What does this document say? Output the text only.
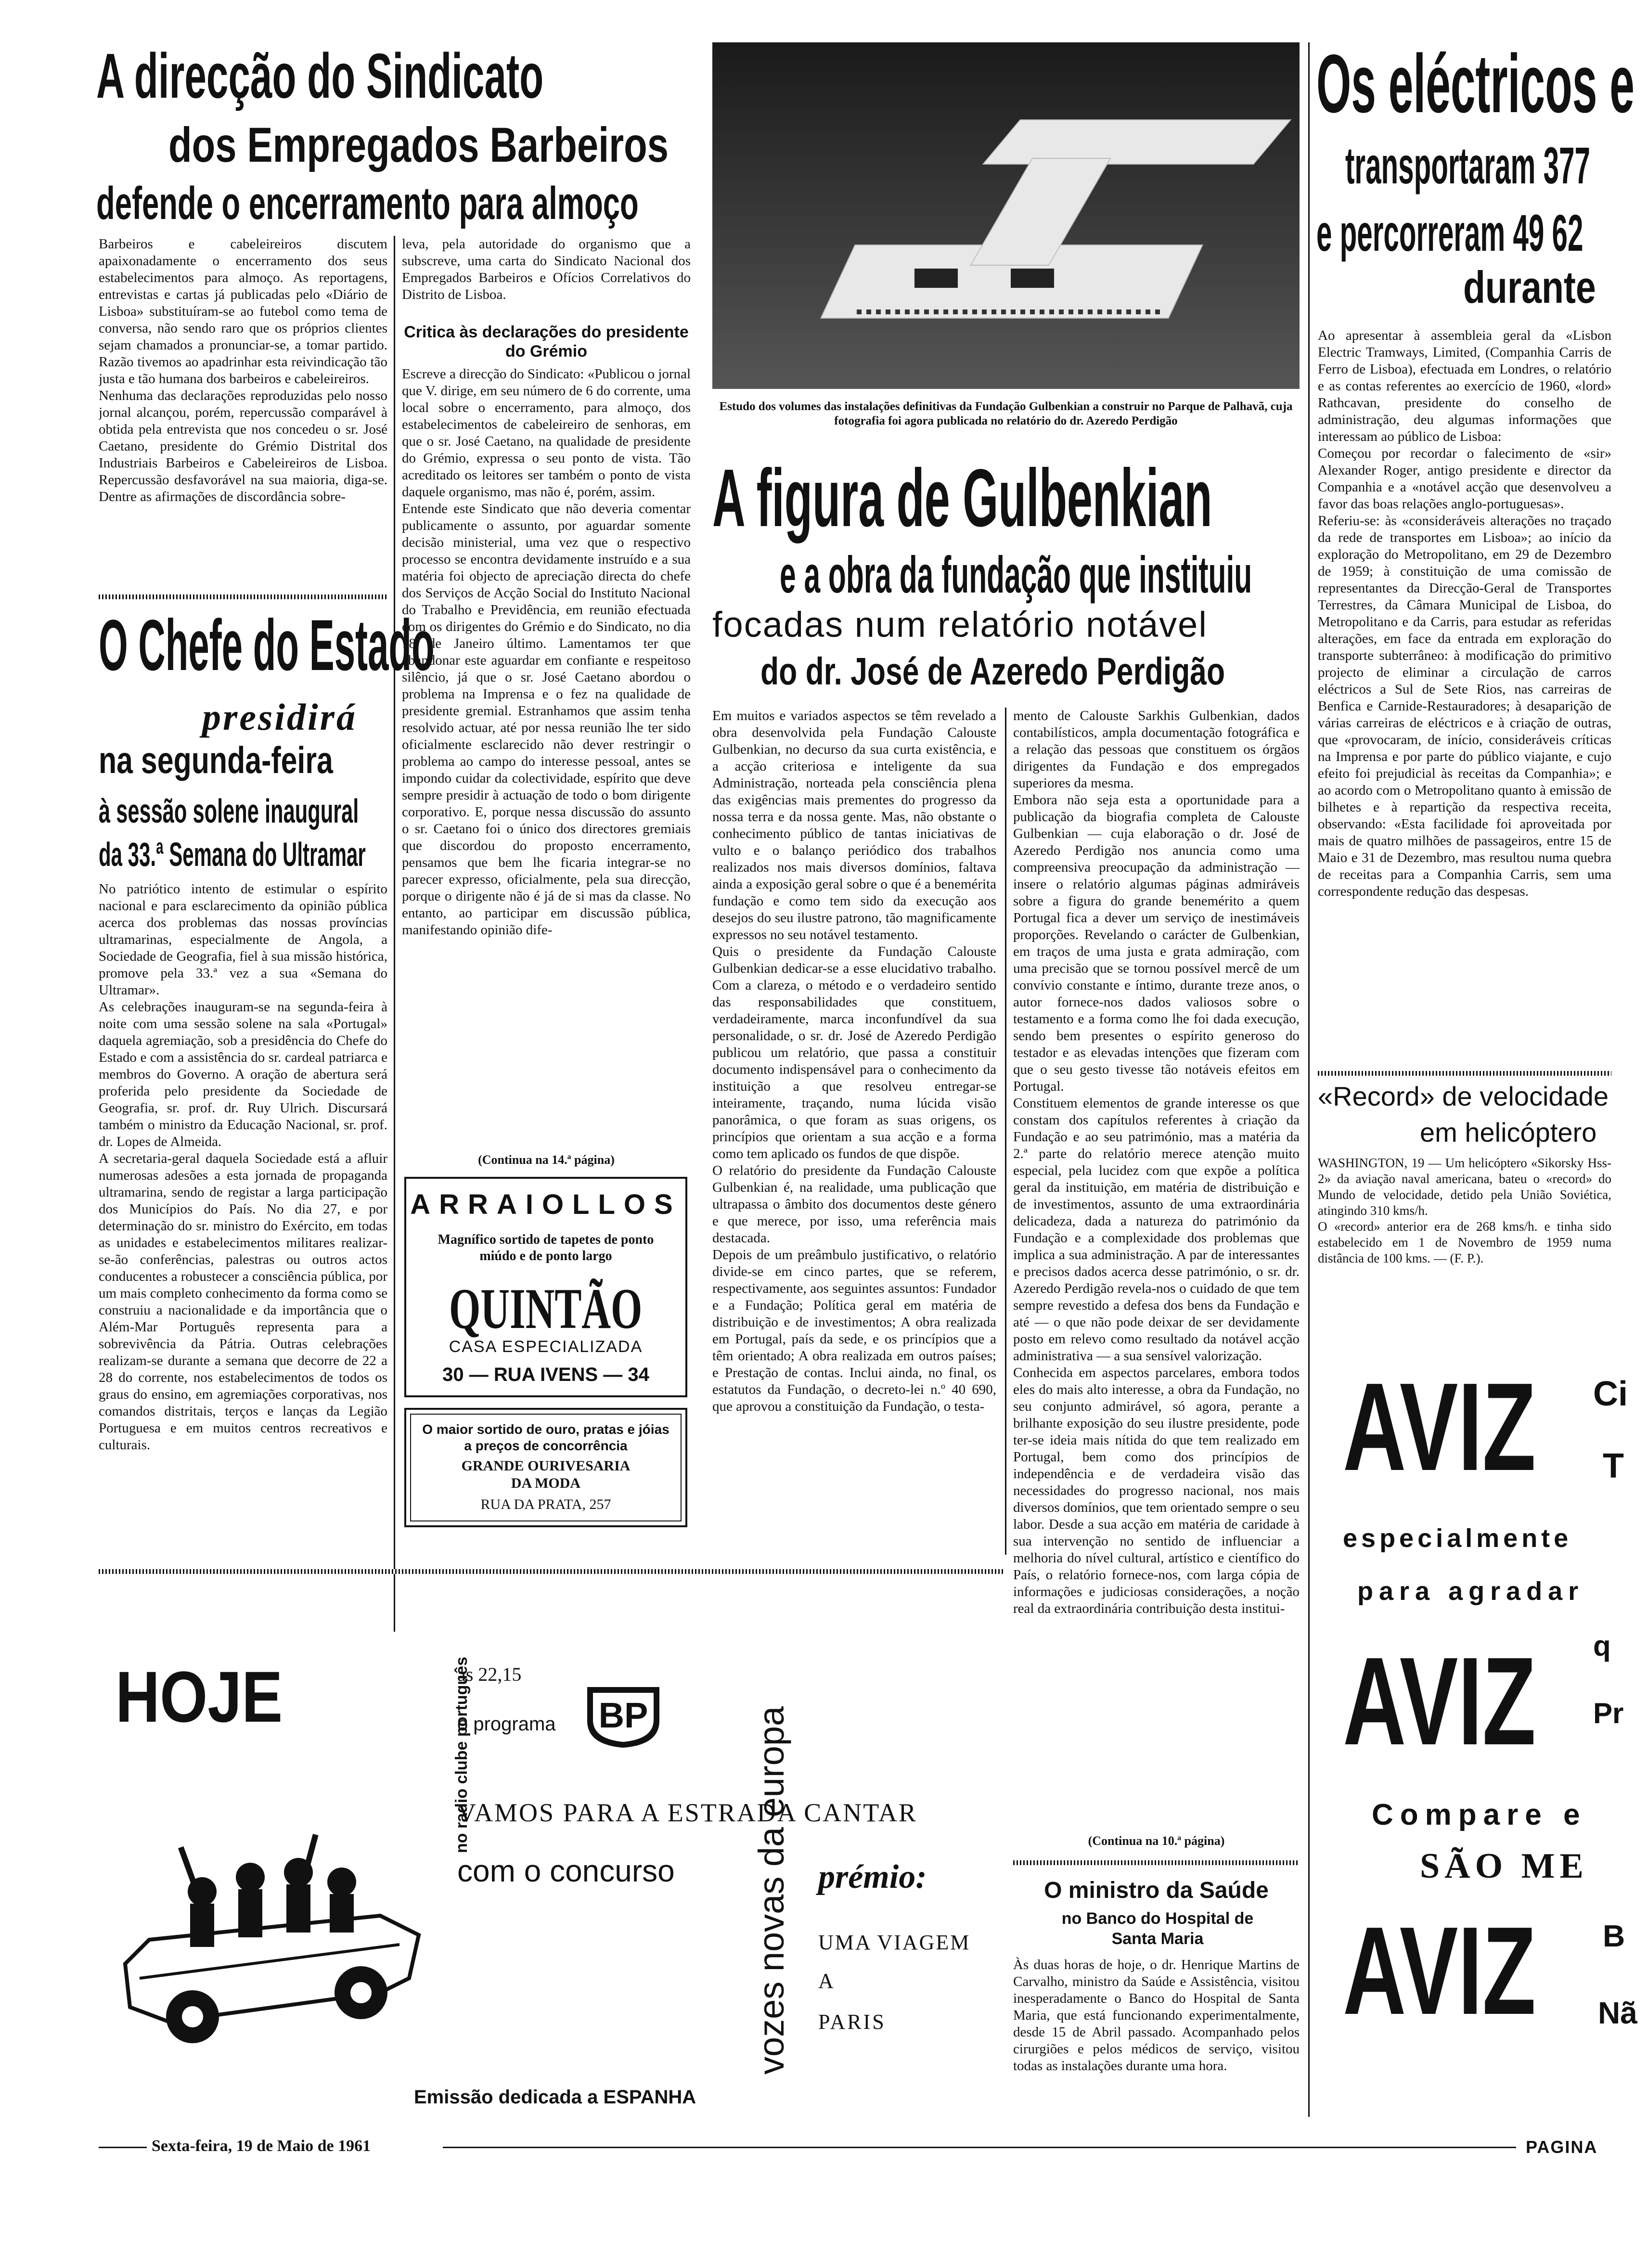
A direcção do Sindicato
dos Empregados Barbeiros
defende o encerramento para almoço
Barbeiros e cabeleireiros discutem apaixonadamente o encerramento dos seus estabelecimentos para almoço. As reportagens, entrevistas e cartas já publicadas pelo «Diário de Lisboa» substituíram-se ao futebol como tema de conversa, não sendo raro que os próprios clientes sejam chamados a pronunciar-se, a tomar partido. Razão tivemos ao apadrinhar esta reivindicação tão justa e tão humana dos barbeiros e cabeleireiros.
Nenhuma das declarações reproduzidas pelo nosso jornal alcançou, porém, repercussão comparável à obtida pela entrevista que nos concedeu o sr. José Caetano, presidente do Grémio Distrital dos Industriais Barbeiros e Cabeleireiros de Lisboa. Repercussão desfavorável na sua maioria, diga-se. Dentre as afirmações de discordância sobre-
leva, pela autoridade do organismo que a subscreve, uma carta do Sindicato Nacional dos Empregados Barbeiros e Ofícios Correlativos do Distrito de Lisboa.
Critica às declarações do presidente do Grémio
Escreve a direcção do Sindicato: «Publicou o jornal que V. dirige, em seu número de 6 do corrente, uma local sobre o encerramento, para almoço, dos estabelecimentos de cabeleireiro de senhoras, em que o sr. José Caetano, na qualidade de presidente do Grémio, expressa o seu ponto de vista. Tão acreditado os leitores ser também o ponto de vista daquele organismo, mas não é, porém, assim.
Entende este Sindicato que não deveria comentar publicamente o assunto, por aguardar somente decisão ministerial, uma vez que o respectivo processo se encontra devidamente instruído e a sua matéria foi objecto de apreciação directa do chefe dos Serviços de Acção Social do Instituto Nacional do Trabalho e Previdência, em reunião efectuada com os dirigentes do Grémio e do Sindicato, no dia 18 de Janeiro último. Lamentamos ter que abandonar este aguardar em confiante e respeitoso silêncio, já que o sr. José Caetano abordou o problema na Imprensa e o fez na qualidade de presidente gremial. Estranhamos que assim tenha resolvido actuar, até por nessa reunião lhe ter sido oficialmente esclarecido não dever restringir o problema ao campo do interesse pessoal, antes se impondo cuidar da colectividade, espírito que deve sempre presidir à actuação de todo o bom dirigente corporativo. E, porque nessa discussão do assunto o sr. Caetano foi o único dos directores gremiais que discordou do proposto encerramento, pensamos que bem lhe ficaria integrar-se no parecer expresso, oficialmente, pela sua direcção, porque o dirigente não é já de si mas da classe. No entanto, ao participar em discussão pública, manifestando opinião dife-
(Continua na 14.ª página)
O Chefe do Estado
presidirá
na segunda-feira
à sessão solene inaugural
da 33.ª Semana do Ultramar
No patriótico intento de estimular o espírito nacional e para esclarecimento da opinião pública acerca dos problemas das nossas províncias ultramarinas, especialmente de Angola, a Sociedade de Geografia, fiel à sua missão histórica, promove pela 33.ª vez a sua «Semana do Ultramar».
As celebrações inauguram-se na segunda-feira à noite com uma sessão solene na sala «Portugal» daquela agremiação, sob a presidência do Chefe do Estado e com a assistência do sr. cardeal patriarca e membros do Governo. A oração de abertura será proferida pelo presidente da Sociedade de Geografia, sr. prof. dr. Ruy Ulrich. Discursará também o ministro da Educação Nacional, sr. prof. dr. Lopes de Almeida.
A secretaria-geral daquela Sociedade está a afluir numerosas adesões a esta jornada de propaganda ultramarina, sendo de registar a larga participação dos Municípios do País. No dia 27, e por determinação do sr. ministro do Exército, em todas as unidades e estabelecimentos militares realizar-se-ão conferências, palestras ou outros actos conducentes a robustecer a consciência pública, por um mais completo conhecimento da forma como se construiu a nacionalidade e da importância que o Além-Mar Português representa para a sobrevivência da Pátria. Outras celebrações realizam-se durante a semana que decorre de 22 a 28 do corrente, nos estabelecimentos de todos os graus do ensino, em agremiações corporativas, nos comandos distritais, terços e lanças da Legião Portuguesa e em muitos centros recreativos e culturais.
ARRAIOLLOS
Magnífico sortido de tapetes de ponto miúdo e de ponto largo
QUINTÃO
CASA ESPECIALIZADA
30 — RUA IVENS — 34
O maior sortido de ouro, pratas e jóias a preços de concorrência
GRANDE OURIVESARIA
DA MODA
RUA DA PRATA, 257
Estudo dos volumes das instalações definitivas da Fundação Gulbenkian a construir no Parque de Palhavã, cuja fotografia foi agora publicada no relatório do dr. Azeredo Perdigão
A figura de Gulbenkian
e a obra da fundação que instituiu
focadas num relatório notável
do dr. José de Azeredo Perdigão
Em muitos e variados aspectos se têm revelado a obra desenvolvida pela Fundação Calouste Gulbenkian, no decurso da sua curta existência, e a acção criteriosa e inteligente da sua Administração, norteada pela consciência plena das exigências mais prementes do progresso da nossa terra e da nossa gente. Mas, não obstante o conhecimento público de tantas iniciativas de vulto e o balanço periódico dos trabalhos realizados nos mais diversos domínios, faltava ainda a exposição geral sobre o que é a benemérita fundação e como tem sido da execução aos desejos do seu ilustre patrono, tão magnificamente expressos no seu notável testamento.
Quis o presidente da Fundação Calouste Gulbenkian dedicar-se a esse elucidativo trabalho. Com a clareza, o método e o verdadeiro sentido das responsabilidades que constituem, verdadeiramente, marca inconfundível da sua personalidade, o sr. dr. José de Azeredo Perdigão publicou um relatório, que passa a constituir documento indispensável para o conhecimento da instituição a que resolveu entregar-se inteiramente, traçando, numa lúcida visão panorâmica, o que foram as suas origens, os princípios que orientam a sua acção e a forma como tem aplicado os fundos de que dispõe.
O relatório do presidente da Fundação Calouste Gulbenkian é, na realidade, uma publicação que ultrapassa o âmbito dos documentos deste género e que merece, por isso, uma referência mais destacada.
Depois de um preâmbulo justificativo, o relatório divide-se em cinco partes, que se referem, respectivamente, aos seguintes assuntos: Fundador e a Fundação; Política geral em matéria de distribuição e de investimentos; A obra realizada em Portugal, país da sede, e os princípios que a têm orientado; A obra realizada em outros países; e Prestação de contas. Inclui ainda, no final, os estatutos da Fundação, o decreto-lei n.º 40 690, que aprovou a constituição da Fundação, o testa-
mento de Calouste Sarkhis Gulbenkian, dados contabilísticos, ampla documentação fotográfica e a relação das pessoas que constituem os órgãos dirigentes da Fundação e dos empregados superiores da mesma.
Embora não seja esta a oportunidade para a publicação da biografia completa de Calouste Gulbenkian — cuja elaboração o dr. José de Azeredo Perdigão nos anuncia como uma compreensiva preocupação da administração — insere o relatório algumas páginas admiráveis sobre a figura do grande benemérito a quem Portugal fica a dever um serviço de inestimáveis proporções. Revelando o carácter de Gulbenkian, em traços de uma justa e grata admiração, com uma precisão que se tornou possível mercê de um convívio constante e íntimo, durante treze anos, o autor fornece-nos dados valiosos sobre o testamento e a forma como lhe foi dada execução, sendo bem presentes o espírito generoso do testador e as elevadas intenções que fizeram com que o seu gesto tivesse tão notáveis efeitos em Portugal.
Constituem elementos de grande interesse os que constam dos capítulos referentes à criação da Fundação e ao seu património, mas a matéria da 2.ª parte do relatório merece atenção muito especial, pela lucidez com que expõe a política geral da instituição, em matéria de distribuição e de investimentos, assunto de uma extraordinária delicadeza, dada a natureza do património da Fundação e a complexidade dos problemas que implica a sua administração. A par de interessantes e precisos dados acerca desse património, o sr. dr. Azeredo Perdigão revela-nos o cuidado de que tem sempre revestido a defesa dos bens da Fundação e até — o que não pode deixar de ser devidamente posto em relevo como resultado da notável acção administrativa — a sua sensível valorização.
Conhecida em aspectos parcelares, embora todos eles do mais alto interesse, a obra da Fundação, no seu conjunto admirável, só agora, perante a brilhante exposição do seu ilustre presidente, pode ter-se ideia mais nítida do que tem realizado em Portugal, bem como dos princípios de independência e de verdadeira visão das necessidades do progresso nacional, nos mais diversos domínios, que tem orientado sempre o seu labor. Desde a sua acção em matéria de caridade à sua intervenção no sentido de influenciar a melhoria do nível cultural, artístico e científico do País, o relatório fornece-nos, com larga cópia de informações e judiciosas considerações, a noção real da extraordinária contribuição desta institui-
(Continua na 10.ª página)
HOJE	no radio clube português
às 22,15
o programa	BP	vozes novas da europa
VAMOS PARA A ESTRADA CANTAR
com o concurso	prémio:
UMA VIAGEM
A
PARIS
Emissão dedicada a ESPANHA
O ministro da Saúde
no Banco do Hospital de Santa Maria
Às duas horas de hoje, o dr. Henrique Martins de Carvalho, ministro da Saúde e Assistência, visitou inesperadamente o Banco do Hospital de Santa Maria, que está funcionando experimentalmente, desde 15 de Abril passado. Acompanhado pelos cirurgiões e pelos médicos de serviço, visitou todas as instalações durante uma hora.
Os eléctricos e
transportaram 377
e percorreram 49 62
durante
Ao apresentar à assembleia geral da «Lisbon Electric Tramways, Limited, (Companhia Carris de Ferro de Lisboa), efectuada em Londres, o relatório e as contas referentes ao exercício de 1960, «lord» Rathcavan, presidente do conselho de administração, deu algumas informações que interessam ao público de Lisboa:
Começou por recordar o falecimento de «sir» Alexander Roger, antigo presidente e director da Companhia e a «notável acção que desenvolveu a favor das boas relações anglo-portuguesas».
Referiu-se: às «consideráveis alterações no traçado da rede de transportes em Lisboa»; ao início da exploração do Metropolitano, em 29 de Dezembro de 1959; à constituição de uma comissão de representantes da Direcção-Geral de Transportes Terrestres, da Câmara Municipal de Lisboa, do Metropolitano e da Carris, para estudar as referidas alterações, em face da entrada em exploração do transporte subterrâneo: à modificação do primitivo projecto de eliminar a circulação de carros eléctricos a Sul de Sete Rios, nas carreiras de Benfica e Carnide-Restauradores; à desaparição de várias carreiras de eléctricos e à criação de outras, que «provocaram, de início, consideráveis críticas na Imprensa e por parte do público viajante, e cujo efeito foi prejudicial às receitas da Companhia»; e ao acordo com o Metropolitano quanto à emissão de bilhetes e à repartição da respectiva receita, observando: «Esta facilidade foi aproveitada por mais de quatro milhões de passageiros, entre 15 de Maio e 31 de Dezembro, mas resultou numa quebra de receitas para a Companhia Carris, sem uma correspondente redução das despesas.
«Record» de velocidade
em helicóptero
WASHINGTON, 19 — Um helicóptero «Sikorsky Hss-2» da aviação naval americana, bateu o «record» do Mundo de velocidade, detido pela União Soviética, atingindo 310 kms/h.
O «record» anterior era de 268 kms/h. e tinha sido estabelecido em 1 de Novembro de 1959 numa distância de 100 kms. — (F. P.).
AVIZ	Ci
T
especialmente
para agradar
q
AVIZ	Pr
Compare e
SÃO ME
AVIZ	B
Nã
Sexta-feira, 19 de Maio de 1961	PAGINA
